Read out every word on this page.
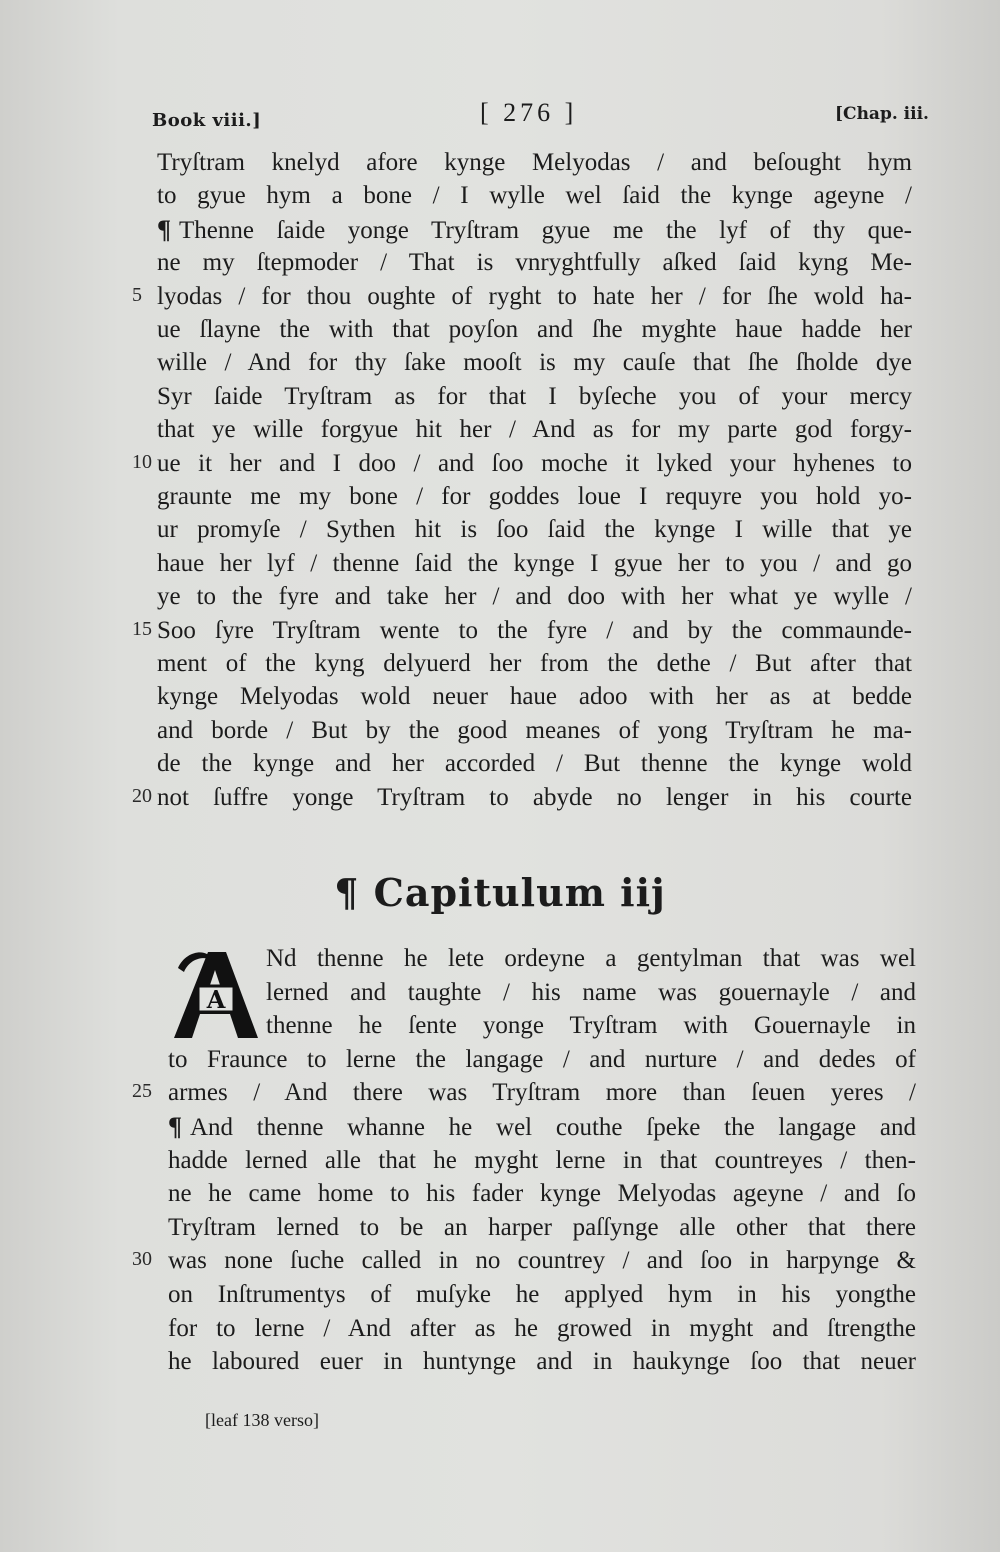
Book viii.]	[ 276 ]	[Chap. iii.
Tryſtram knelyd afore kynge Melyodas / and beſought hym
to gyue hym a bone / I wylle wel ſaid the kynge ageyne /
¶ Thenne ſaide yonge Tryſtram gyue me the lyf of thy que-
ne my ſtepmoder / That is vnryghtfully aſked ſaid kyng Me-
5 lyodas / for thou oughte of ryght to hate her / for ſhe wold ha-
ue ſlayne the with that poyſon and ſhe myghte haue hadde her
wille / And for thy ſake mooſt is my cauſe that ſhe ſholde dye
Syr ſaide Tryſtram as for that I byſeche you of your mercy
that ye wille forgyue hit her / And as for my parte god forgy-
10 ue it her and I doo / and ſoo moche it lyked your hyhenes to
graunte me my bone / for goddes loue I requyre you hold yo-
ur promyſe / Sythen hit is ſoo ſaid the kynge I wille that ye
haue her lyf / thenne ſaid the kynge I gyue her to you / and go
ye to the fyre and take her / and doo with her what ye wylle /
15 Soo ſyre Tryſtram wente to the fyre / and by the commaunde-
ment of the kyng delyuerd her from the dethe / But after that
kynge Melyodas wold neuer haue adoo with her as at bedde
and borde / But by the good meanes of yong Tryſtram he ma-
de the kynge and her accorded / But thenne the kynge wold
20 not ſuffre yonge Tryſtram to abyde no lenger in his courte
¶ Capitulum iij
A
Nd thenne he lete ordeyne a gentylman that was wel
lerned and taughte / his name was gouernayle / and
thenne he ſente yonge Tryſtram with Gouernayle in
to Fraunce to lerne the langage / and nurture / and dedes of
25 armes / And there was Tryſtram more than ſeuen yeres /
¶ And thenne whanne he wel couthe ſpeke the langage and
hadde lerned alle that he myght lerne in that countreyes / then-
ne he came home to his fader kynge Melyodas ageyne / and ſo
Tryſtram lerned to be an harper paſſynge alle other that there
30 was none ſuche called in no countrey / and ſoo in harpynge &
on Inſtrumentys of muſyke he applyed hym in his yongthe
for to lerne / And after as he growed in myght and ſtrengthe
he laboured euer in huntynge and in haukynge ſoo that neuer
[leaf 138 verso]
